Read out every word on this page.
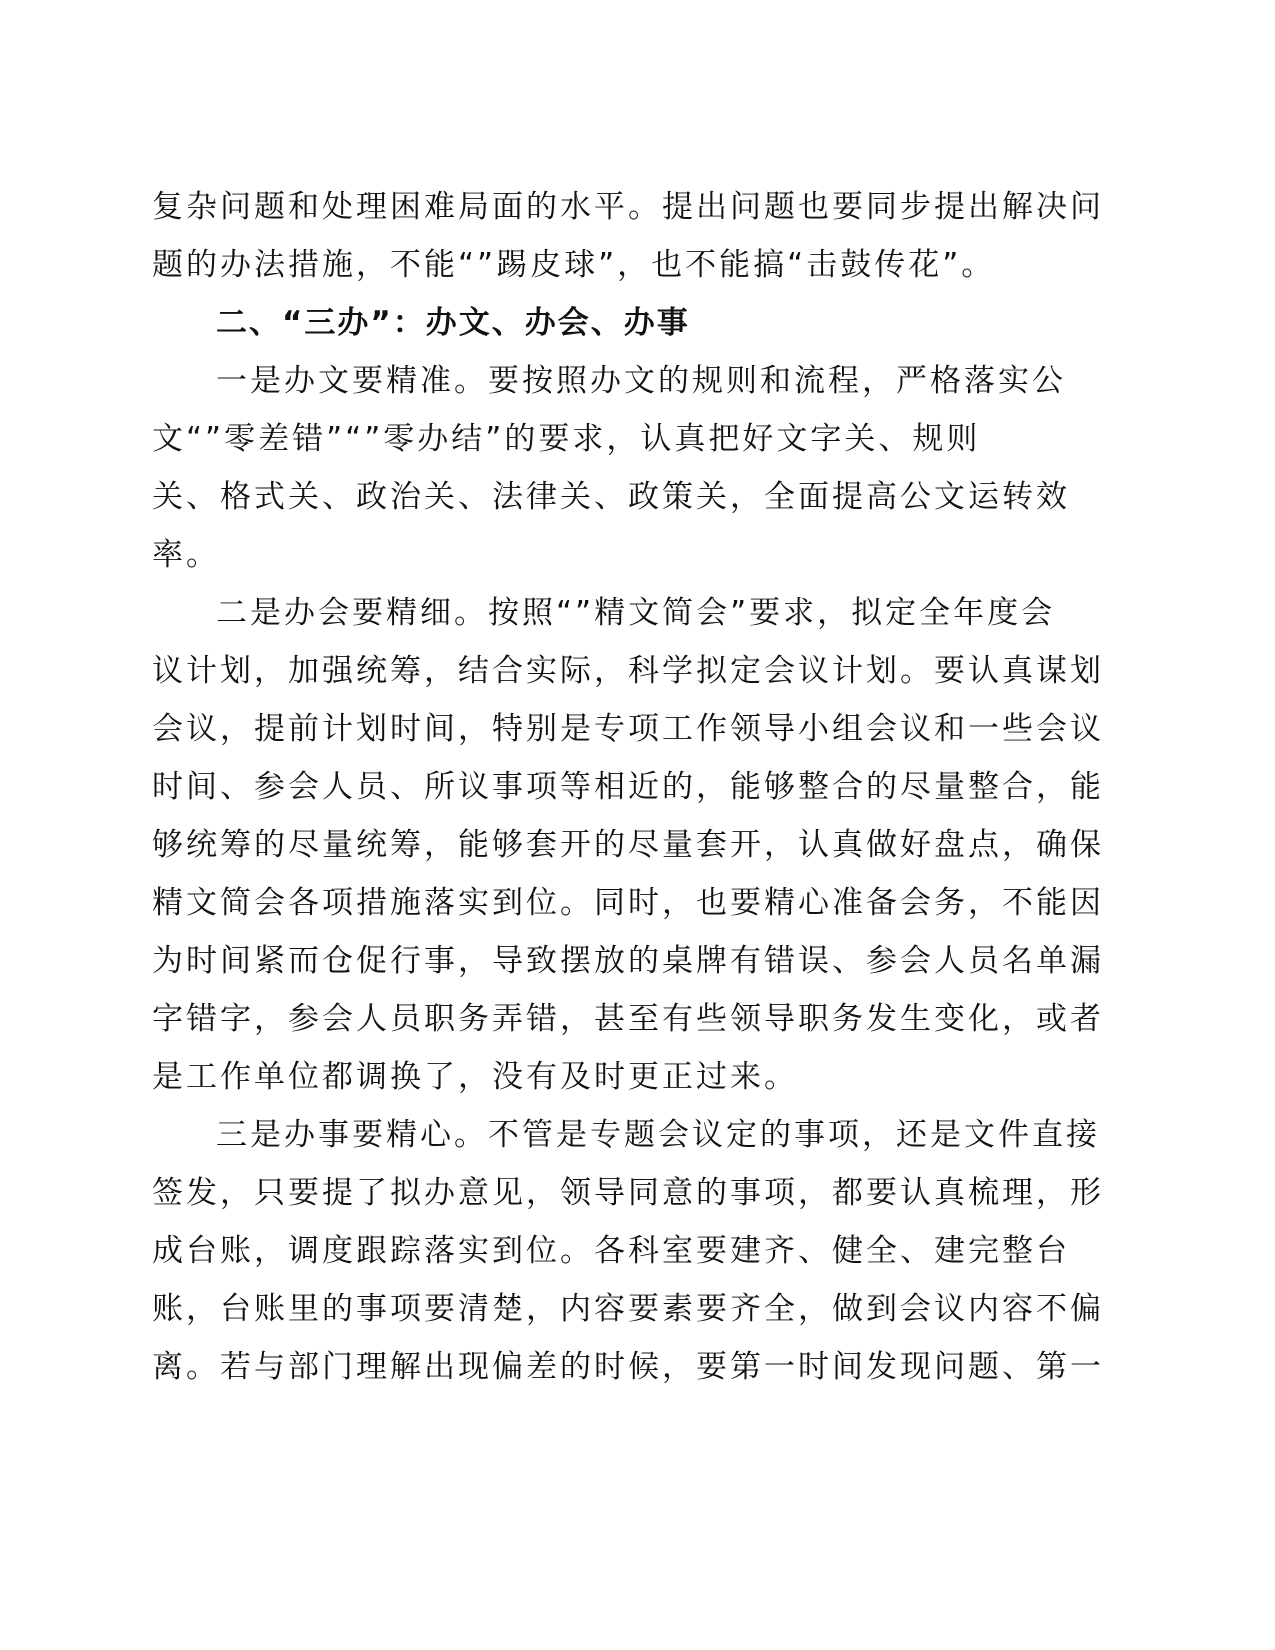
复杂问题和处理困难局面的水平。提出问题也要同步提出解决问
题的办法措施，不能“”踢皮球”，也不能搞“击鼓传花”。
二、“三办”：办文、办会、办事
一是办文要精准。要按照办文的规则和流程，严格落实公
文“”零差错”“”零办结”的要求，认真把好文字关、规则
关、格式关、政治关、法律关、政策关，全面提高公文运转效
率。
二是办会要精细。按照“”精文简会”要求，拟定全年度会
议计划，加强统筹，结合实际，科学拟定会议计划。要认真谋划
会议，提前计划时间，特别是专项工作领导小组会议和一些会议
时间、参会人员、所议事项等相近的，能够整合的尽量整合，能
够统筹的尽量统筹，能够套开的尽量套开，认真做好盘点，确保
精文简会各项措施落实到位。同时，也要精心准备会务，不能因
为时间紧而仓促行事，导致摆放的桌牌有错误、参会人员名单漏
字错字，参会人员职务弄错，甚至有些领导职务发生变化，或者
是工作单位都调换了，没有及时更正过来。
三是办事要精心。不管是专题会议定的事项，还是文件直接
签发，只要提了拟办意见，领导同意的事项，都要认真梳理，形
成台账，调度跟踪落实到位。各科室要建齐、健全、建完整台
账，台账里的事项要清楚，内容要素要齐全，做到会议内容不偏
离。若与部门理解出现偏差的时候，要第一时间发现问题、第一
